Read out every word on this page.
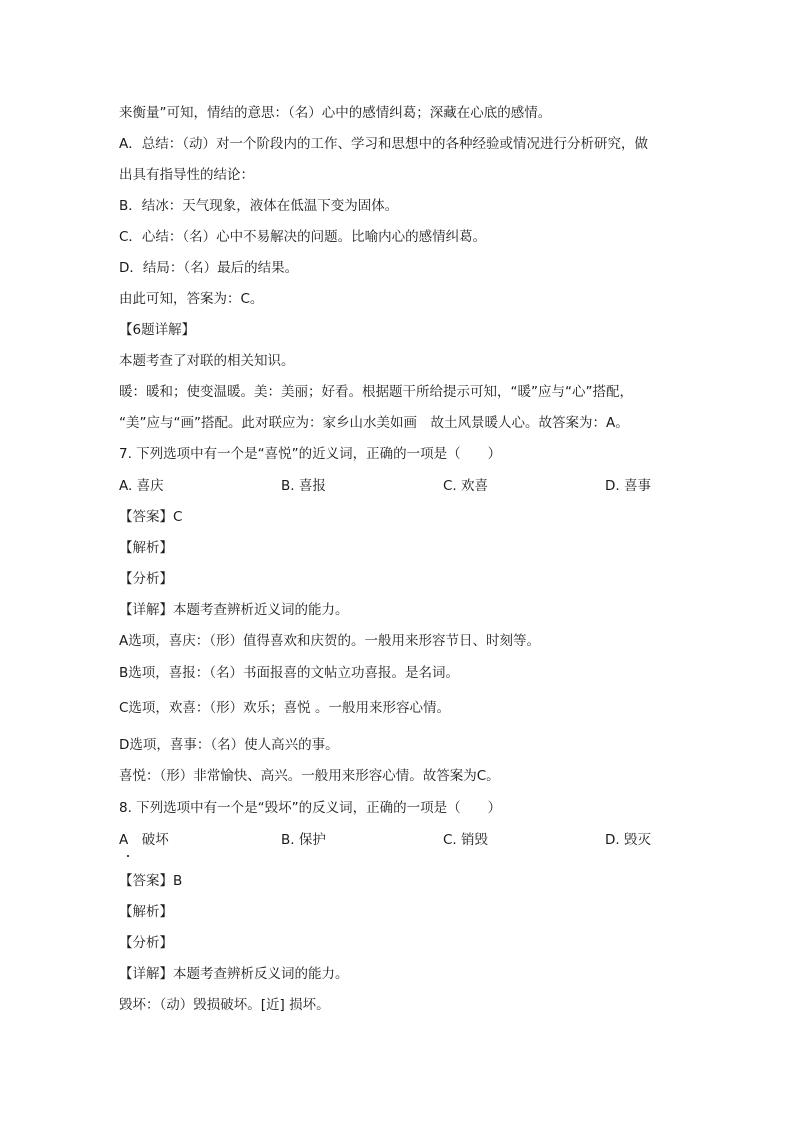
来衡量”可知，情结的意思：（名）心中的感情纠葛；深藏在心底的感情。
A．总结：（动）对一个阶段内的工作、学习和思想中的各种经验或情况进行分析研究，做
出具有指导性的结论：
B．结冰：天气现象，液体在低温下变为固体。
C．心结：（名）心中不易解决的问题。比喻内心的感情纠葛。
D．结局：（名）最后的结果。
由此可知，答案为：C。
【6题详解】
本题考查了对联的相关知识。
暖：暖和；使变温暖。美：美丽；好看。根据题干所给提示可知，“暖”应与“心”搭配，
“美”应与“画”搭配。此对联应为：家乡山水美如画　故土风景暖人心。故答案为：A。
7. 下列选项中有一个是“喜悦”的近义词，正确的一项是（　　）
A. 喜庆	B. 喜报	C. 欢喜	D. 喜事
【答案】C
【解析】
【分析】
【详解】本题考查辨析近义词的能力。
A选项，喜庆：（形）值得喜欢和庆贺的。一般用来形容节日、时刻等。
B选项，喜报：（名）书面报喜的文帖立功喜报。是名词。
C选项，欢喜：（形）欢乐；喜悦 。一般用来形容心情。
D选项，喜事：（名）使人高兴的事。
喜悦：（形）非常愉快、高兴。一般用来形容心情。故答案为C。
8. 下列选项中有一个是“毁坏”的反义词，正确的一项是（　　）
A　破坏	B. 保护	C. 销毁	D. 毁灭
【答案】B
【解析】
【分析】
【详解】本题考查辨析反义词的能力。
毁坏：（动）毁损破坏。[近] 损坏。
